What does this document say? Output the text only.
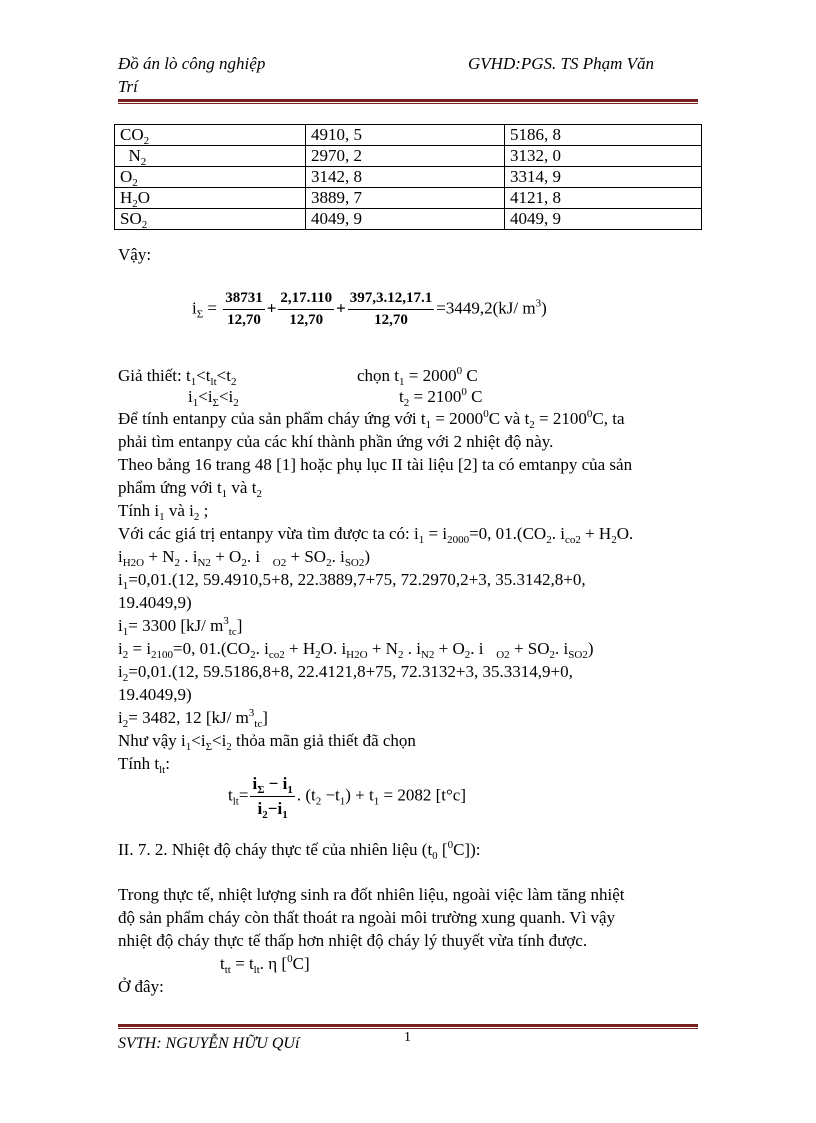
Đồ án lò công nghiệp
Trí
GVHD:PGS. TS Phạm Văn
$CO_2$	4910, 5	5186, 8
$N_2$	2970, 2	3132, 0
$O_2$	3142, 8	3314, 9
$H_2O$	3889, 7	4121, 8
$SO_2$	4049, 9	4049, 9
Vậy:
$i_\Sigma = \frac{38731}{12,70} + \frac{2,17.110}{12,70} + \frac{397,3.12,17.1}{12,70} =3449,2(kJ/$ $m^3$)
Giả thiết: $t_1<t_{lt}<t_2$	chọn $t_1 = 2000^0$ C
$i_1<i_\Sigma<i_2$	$t_2 = 2100^0$ C
Để tính entanpy của sản phẩm cháy ứng với $t_1 = 2000^0C$ và $t_2 = 2100^0C$, ta
phải tìm entanpy của các khí thành phần ứng với 2 nhiệt độ này.
Theo bảng 16 trang 48 [1] hoặc phụ lục II tài liệu [2] ta có emtanpy của sản
phẩm ứng với $t_1$ và $t_2$
Tính $i_1$ và $i_2$ ;
Với các giá trị entanpy vừa tìm được ta có: $i_1 = i_{2000}=0$, $01.(CO_2$. $i_{co2} + H_2O$.
$i_{H2O} + N_2$ . $i_{N2} + O_2$. i   $_{O2} + SO_2$. $i_{SO2}$)
$i_1=0,01.(12$, 59.4910,5+8, 22.3889,7+75, 72.2970,2+3, 35.3142,8+0,
19.4049,9)
$i_1= 3300$ [kJ/ $m^3_{tc}$]
$i_2 = i_{2100}=0$, $01.(CO_2$. $i_{co2} + H_2O$. $i_{H2O} + N_2$ . $i_{N2} + O_2$. i   $_{O2} + SO_2$. $i_{SO2}$)
$i_2=0,01.(12$, 59.5186,8+8, 22.4121,8+75, 72.3132+3, 35.3314,9+0,
19.4049,9)
$i_2= 3482$, 12 [kJ/ $m^3_{tc}$]
Như vậy $i_1<i_\Sigma<i_2$ thỏa mãn giả thiết đã chọn
Tính $t_{lt}$:
$t_{lt}= \frac{i_\Sigma - i_1}{i_2-i_1}$ . $(t_2 -t_1) + t_1 = 2082$ [t°c]
II. 7. 2. Nhiệt độ cháy thực tế của nhiên liệu ($t_0$ [$^0$C]):
Trong thực tế, nhiệt lượng sinh ra đốt nhiên liệu, ngoài việc làm tăng nhiệt
độ sản phẩm cháy còn thất thoát ra ngoài môi trường xung quanh. Vì vậy
nhiệt độ cháy thực tế thấp hơn nhiệt độ cháy lý thuyết vừa tính được.
$t_{tt} = t_{lt}$. η [$^0$C]
Ở đây:
SVTH: NGUYỄN HỮU QUí	1
